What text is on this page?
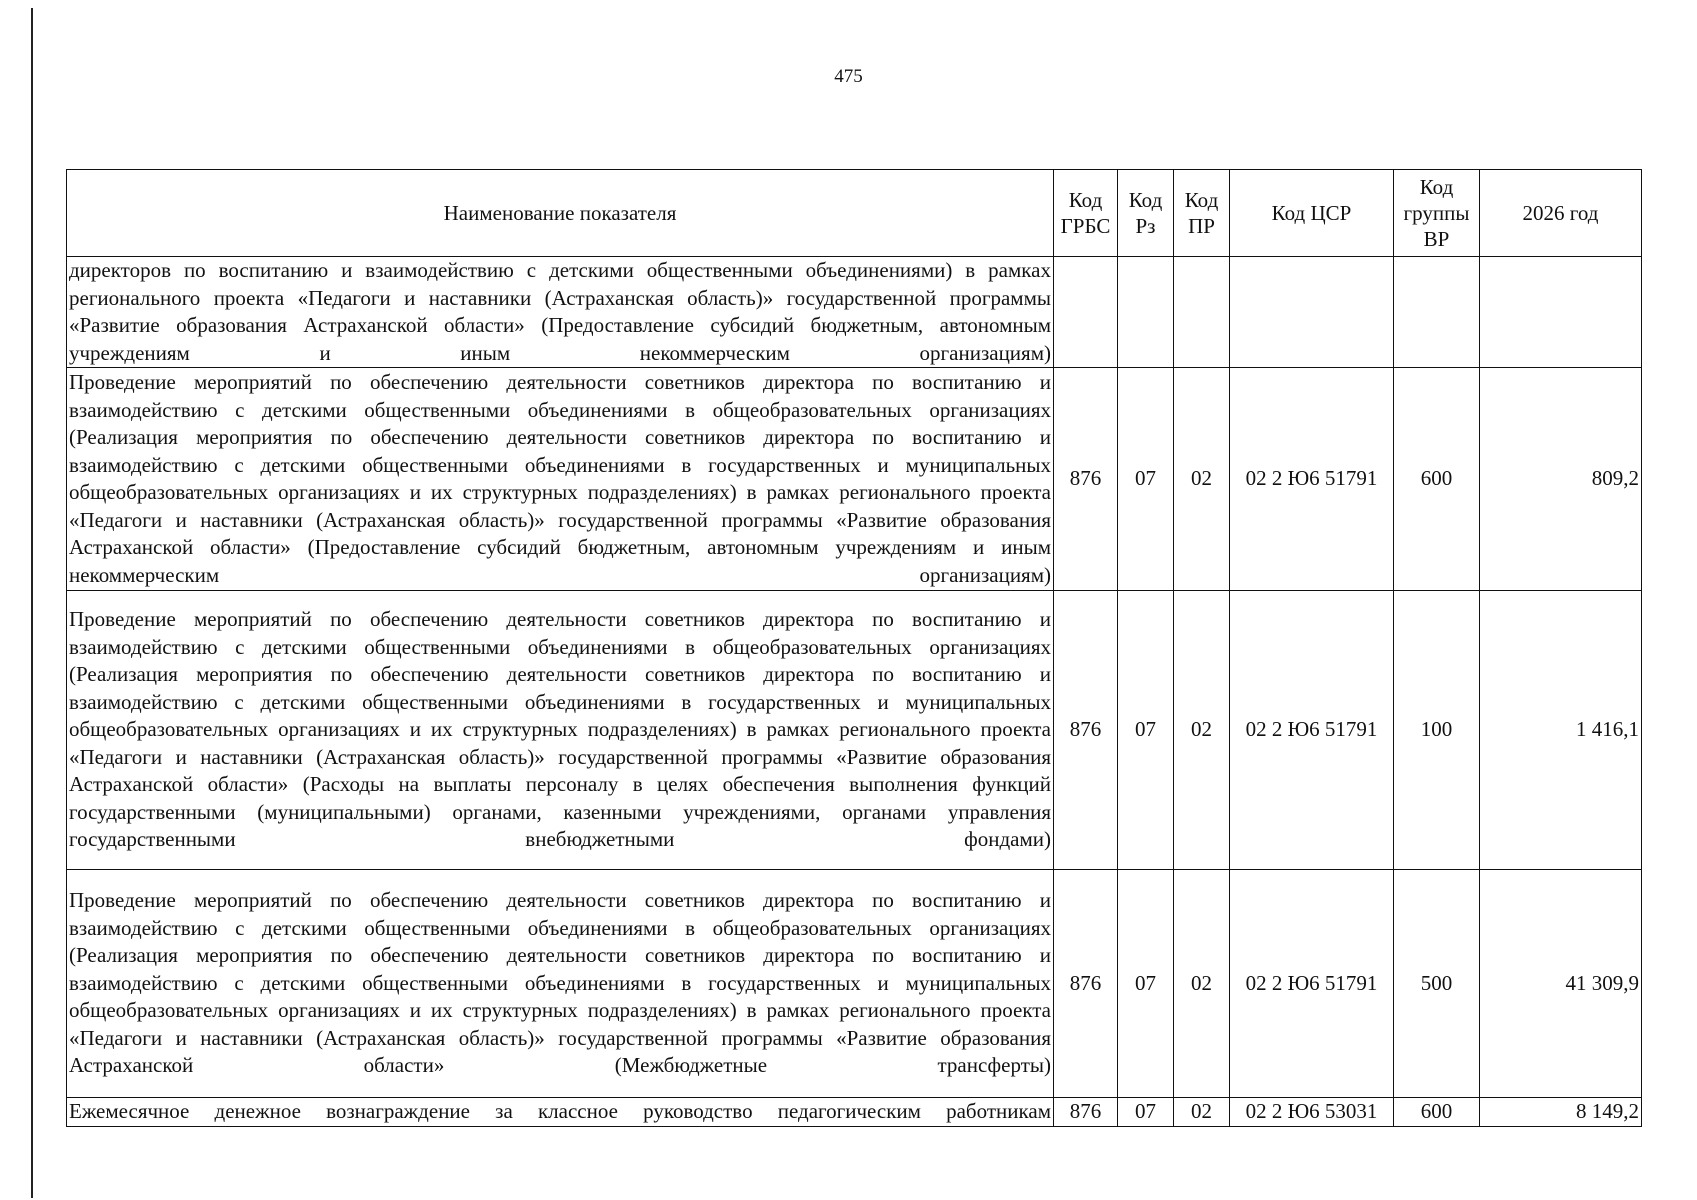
475
Наименование показателя	Код ГРБС	Код Рз	Код ПР	Код ЦСР	Код группы ВР	2026 год
директоров по воспитанию и взаимодействию с детскими общественными объединениями) в рамках регионального проекта «Педагоги и наставники (Астраханская область)» государственной программы «Развитие образования Астраханской области» (Предоставление субсидий бюджетным, автономным учреждениям и иным некоммерческим организациям)						
Проведение мероприятий по обеспечению деятельности советников директора по воспитанию и взаимодействию с детскими общественными объединениями в общеобразовательных организациях (Реализация мероприятия по обеспечению деятельности советников директора по воспитанию и взаимодействию с детскими общественными объединениями в государственных и муниципальных общеобразовательных организациях и их структурных подразделениях) в рамках регионального проекта «Педагоги и наставники (Астраханская область)» государственной программы «Развитие образования Астраханской области» (Предоставление субсидий бюджетным, автономным учреждениям и иным некоммерческим организациям)	876	07	02	02 2 Ю6 51791	600	809,2
Проведение мероприятий по обеспечению деятельности советников директора по воспитанию и взаимодействию с детскими общественными объединениями в общеобразовательных организациях (Реализация мероприятия по обеспечению деятельности советников директора по воспитанию и взаимодействию с детскими общественными объединениями в государственных и муниципальных общеобразовательных организациях и их структурных подразделениях) в рамках регионального проекта «Педагоги и наставники (Астраханская область)» государственной программы «Развитие образования Астраханской области» (Расходы на выплаты персоналу в целях обеспечения выполнения функций государственными (муниципальными) органами, казенными учреждениями, органами управления государственными внебюджетными фондами)	876	07	02	02 2 Ю6 51791	100	1 416,1
Проведение мероприятий по обеспечению деятельности советников директора по воспитанию и взаимодействию с детскими общественными объединениями в общеобразовательных организациях (Реализация мероприятия по обеспечению деятельности советников директора по воспитанию и взаимодействию с детскими общественными объединениями в государственных и муниципальных общеобразовательных организациях и их структурных подразделениях) в рамках регионального проекта «Педагоги и наставники (Астраханская область)» государственной программы «Развитие образования Астраханской области» (Межбюджетные трансферты)	876	07	02	02 2 Ю6 51791	500	41 309,9
Ежемесячное денежное вознаграждение за классное руководство педагогическим работникам	876	07	02	02 2 Ю6 53031	600	8 149,2
